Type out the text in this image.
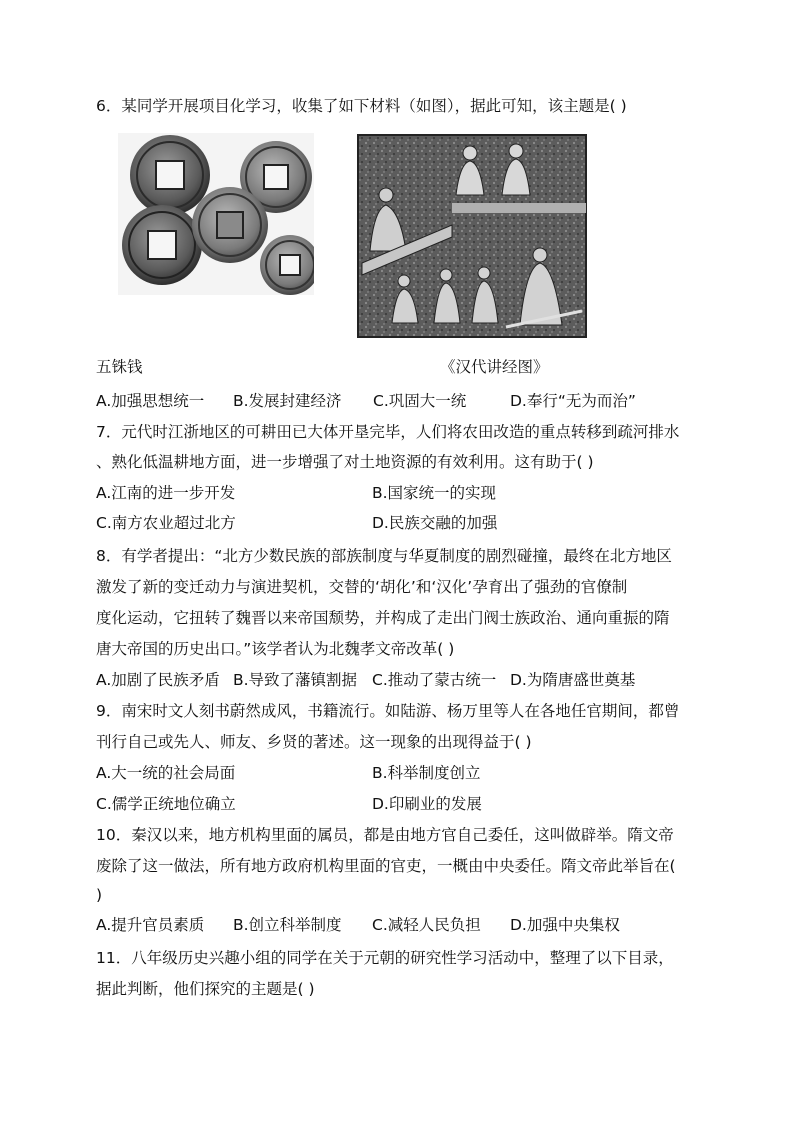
6．某同学开展项目化学习，收集了如下材料（如图），据此可知，该主题是( )
五铢钱	《汉代讲经图》
A.加强思想统一 B.发展封建经济 C.巩固大一统	D.奉行“无为而治”
7．元代时江浙地区的可耕田已大体开垦完毕，人们将农田改造的重点转移到疏河排水
、熟化低温耕地方面，进一步增强了对土地资源的有效利用。这有助于( )
A.江南的进一步开发	B.国家统一的实现
C.南方农业超过北方	D.民族交融的加强
8．有学者提出：“北方少数民族的部族制度与华夏制度的剧烈碰撞，最终在北方地区
激发了新的变迁动力与演进契机，交替的‘胡化’和‘汉化’孕育出了强劲的官僚制
度化运动，它扭转了魏晋以来帝国颓势，并构成了走出门阀士族政治、通向重振的隋
唐大帝国的历史出口。”该学者认为北魏孝文帝改革( )
A.加剧了民族矛盾 B.导致了藩镇割据 C.推动了蒙古统一 D.为隋唐盛世奠基
9．南宋时文人刻书蔚然成风，书籍流行。如陆游、杨万里等人在各地任官期间，都曾
刊行自己或先人、师友、乡贤的著述。这一现象的出现得益于( )
A.大一统的社会局面	B.科举制度创立
C.儒学正统地位确立	D.印刷业的发展
10．秦汉以来，地方机构里面的属员，都是由地方官自己委任，这叫做辟举。隋文帝
废除了这一做法，所有地方政府机构里面的官吏，一概由中央委任。隋文帝此举旨在(
)
A.提升官员素质 B.创立科举制度 C.减轻人民负担 D.加强中央集权
11．八年级历史兴趣小组的同学在关于元朝的研究性学习活动中，整理了以下目录，
据此判断，他们探究的主题是( )
